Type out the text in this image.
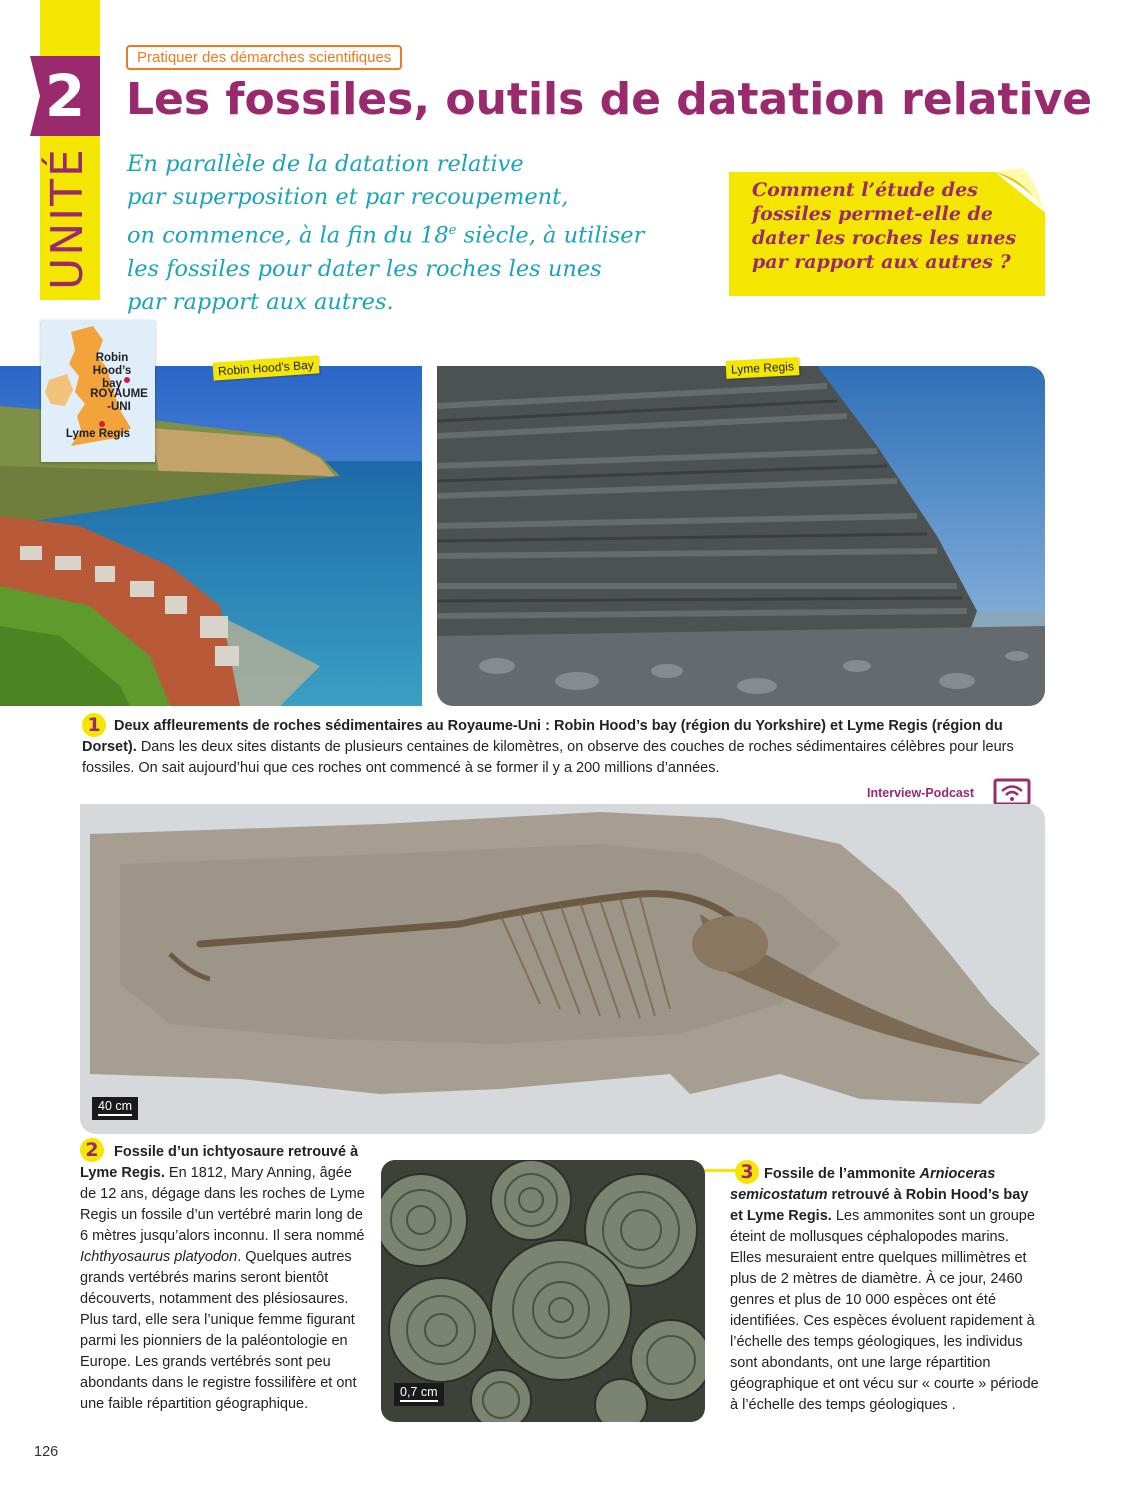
2
UNITÉ
Pratiquer des démarches scientifiques
Les fossiles, outils de datation relative
En parallèle de la datation relative
par superposition et par recoupement,
on commence, à la fin du 18e siècle, à utiliser
les fossiles pour dater les roches les unes
par rapport aux autres.
Comment l’étude des fossiles permet-elle de dater les roches les unes par rapport aux autres ?
Robin Hood’s bay
ROYAUME -UNI
Lyme Regis
Robin Hood’s Bay	Lyme Regis
Deux affleurements de roches sédimentaires au Royaume-Uni : Robin Hood’s bay (région du Yorkshire) et Lyme Regis (région du Dorset). Dans les deux sites distants de plusieurs centaines de kilomètres, on observe des couches de roches sédimentaires célèbres pour leurs fossiles. On sait aujourd’hui que ces roches ont commencé à se former il y a 200 millions d’années.
1
Interview-Podcast
40 cm
Fossile d’un ichtyosaure retrouvé à Lyme Regis. En 1812, Mary Anning, âgée de 12 ans, dégage dans les roches de Lyme Regis un fossile d’un vertébré marin long de 6 mètres jusqu’alors inconnu. Il sera nommé Ichthyosaurus platyodon. Quelques autres grands vertébrés marins seront bientôt découverts, notamment des plésiosaures. Plus tard, elle sera l’unique femme figurant parmi les pionniers de la paléontologie en Europe. Les grands vertébrés sont peu abondants dans le registre fossilifère et ont une faible répartition géographique.
2
0,7 cm
Fossile de l’ammonite Arnioceras semicostatum retrouvé à Robin Hood’s bay et Lyme Regis. Les ammonites sont un groupe éteint de mollusques céphalopodes marins. Elles mesuraient entre quelques millimètres et plus de 2 mètres de diamètre. À ce jour, 2460 genres et plus de 10 000 espèces ont été identifiées. Ces espèces évoluent rapidement à l’échelle des temps géologiques, les individus sont abondants, ont une large répartition géographique et ont vécu sur « courte » période à l’échelle des temps géologiques .
3
126
